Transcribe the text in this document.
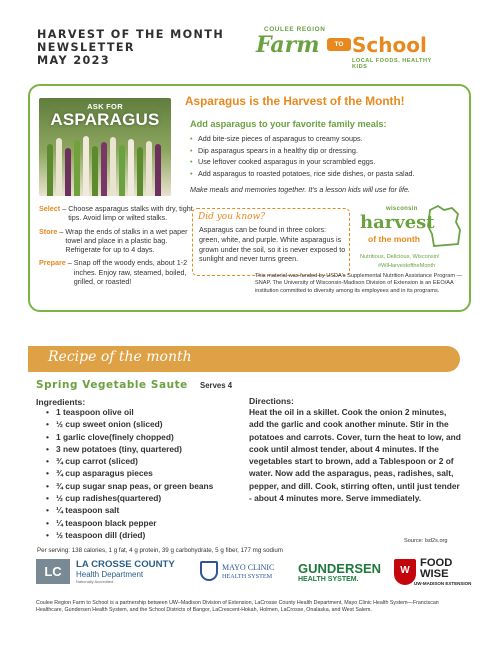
HARVEST OF THE MONTH
NEWSLETTER
MAY 2023
COULEE REGION
Farm	TO School
LOCAL FOODS, HEALTHY KIDS
ASK FOR
ASPARAGUS
Asparagus is the Harvest of the Month!
Add asparagus to your favorite family meals:
• Add bite-size pieces of asparagus to creamy soups.
• Dip asparagus spears in a healthy dip or dressing.
• Use leftover cooked asparagus in your scrambled eggs.
• Add asparagus to roasted potatoes, rice side dishes, or pasta salad.
Make meals and memories together. It's a lesson kids will use for life.
Select – Choose asparagus stalks with dry, tight tips. Avoid limp or wilted stalks.
Store – Wrap the ends of stalks in a wet paper towel and place in a plastic bag. Refrigerate for up to 4 days.
Prepare – Snap off the woody ends, about 1-2 inches. Enjoy raw, steamed, boiled, grilled, or roasted!
Did you know?
Asparagus can be found in three colors: green, white, and purple. White asparagus is grown under the soil, so it is never exposed to sunlight and never turns green.
wisconsin
harvest
of the month
Nutritious, Delicious, Wisconsin!
#WIHarvestoftheMonth
This material was funded by USDA's Supplemental Nutrition Assistance Program —SNAP. The University of Wisconsin-Madison Division of Extension is an EEO/AA institution committed to diversity among its employees and in its programs.
Recipe of the month
Spring Vegetable Saute Serves 4
Ingredients:
• 1 teaspoon olive oil
• ½ cup sweet onion (sliced)
• 1 garlic clove(finely chopped)
• 3 new potatoes (tiny, quartered)
• ¾ cup carrot (sliced)
• ¾ cup asparagus pieces
• ¾ cup sugar snap peas, or green beans
• ½ cup radishes(quartered)
• ¼ teaspoon salt
• ¼ teaspoon black pepper
• ½ teaspoon dill (dried)
Directions:
Heat the oil in a skillet. Cook the onion 2 minutes, add the garlic and cook another minute. Stir in the potatoes and carrots. Cover, turn the heat to low, and cook until almost tender, about 4 minutes. If the vegetables start to brown, add a Tablespoon or 2 of water. Now add the asparagus, peas, radishes, salt, pepper, and dill. Cook, stirring often, until just tender - about 4 minutes more. Serve immediately.
Source: lsd2s.org
Per serving: 138 calories, 1 g fat, 4 g protein, 39 g carbohydrate, 5 g fiber, 177 mg sodium
LC	LA CROSSE COUNTY
Health Department
Nationally Accredited
MAYO CLINIC
HEALTH SYSTEM
GUNDERSEN
HEALTH SYSTEM.
W
FOOD
WISE
UW-MADISON EXTENSION
Coulee Region Farm to School is a partnership between UW–Madison Division of Extension, LaCrosse County Health Department, Mayo Clinic Health System—Franciscan Healthcare, Gundersen Health System, and the School Districts of Bangor, LaCrescent-Hokah, Holmen, LaCrosse, Onalaska, and West Salem.
